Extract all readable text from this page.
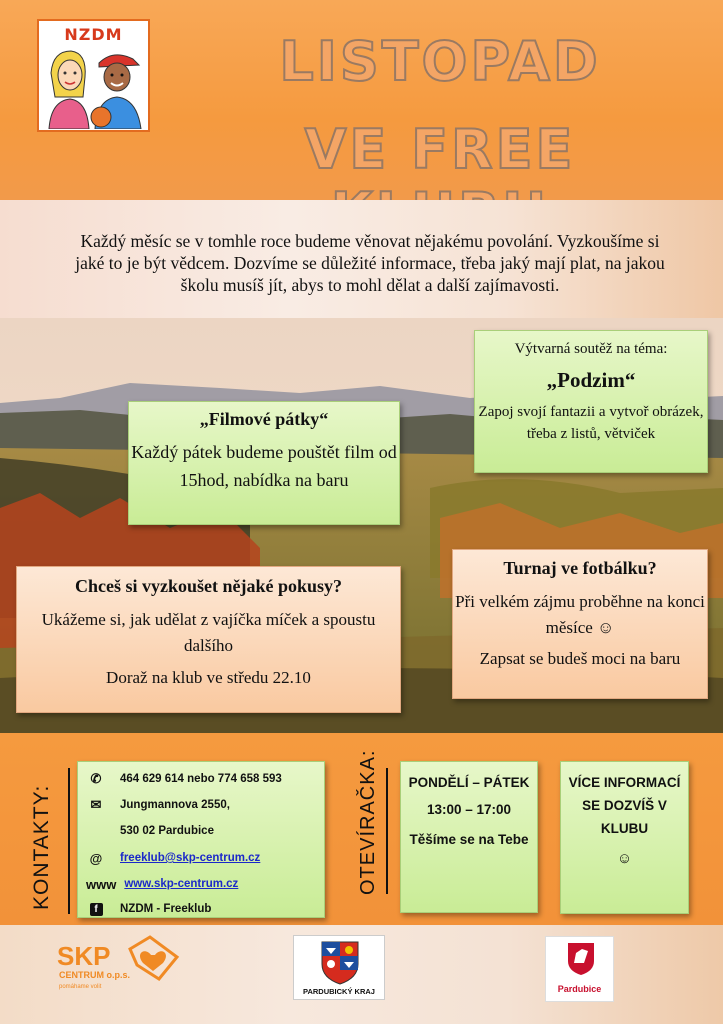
NZDM	LISTOPAD
VE FREE
Každý měsíc se v tomhle roce budeme věnovat nějakému povolání. Vyzkoušíme si jaké to je být vědcem. Dozvíme se důležité informace, třeba jaký mají plat, na jakou školu musíš jít, abys to mohl dělat a další zajímavosti.
„Filmové pátky“
Každý pátek budeme pouštět film od 15hod, nabídka na baru
Výtvarná soutěž na téma:
„Podzim“
Zapoj svojí fantazii a vytvoř obrázek, třeba z listů, větviček
Chceš si vyzkoušet nějaké pokusy?
Ukážeme si, jak udělat z vajíčka míček a spoustu dalšího
Doraž na klub ve středu 22.10
Turnaj ve fotbálku?
Při velkém zájmu proběhne na konci měsíce ☺
Zapsat se budeš moci na baru
KONTAKTY:
✆	464 629 614 nebo 774 658 593
✉	Jungmannova 2550,
530 02 Pardubice
@	freeklub@skp-centrum.cz
www www.skp-centrum.cz
f	NZDM - Freeklub
OTEVÍRAČKA:	PONDĚLÍ – PÁTEK
13:00 – 17:00
Těšíme se na Tebe
VÍCE INFORMACÍ SE DOZVÍŠ V KLUBU
☺
SKP
CENTRUM o.p.s.
pomáhame volit	PARDUBICKÝ KRAJ	Pardubice
